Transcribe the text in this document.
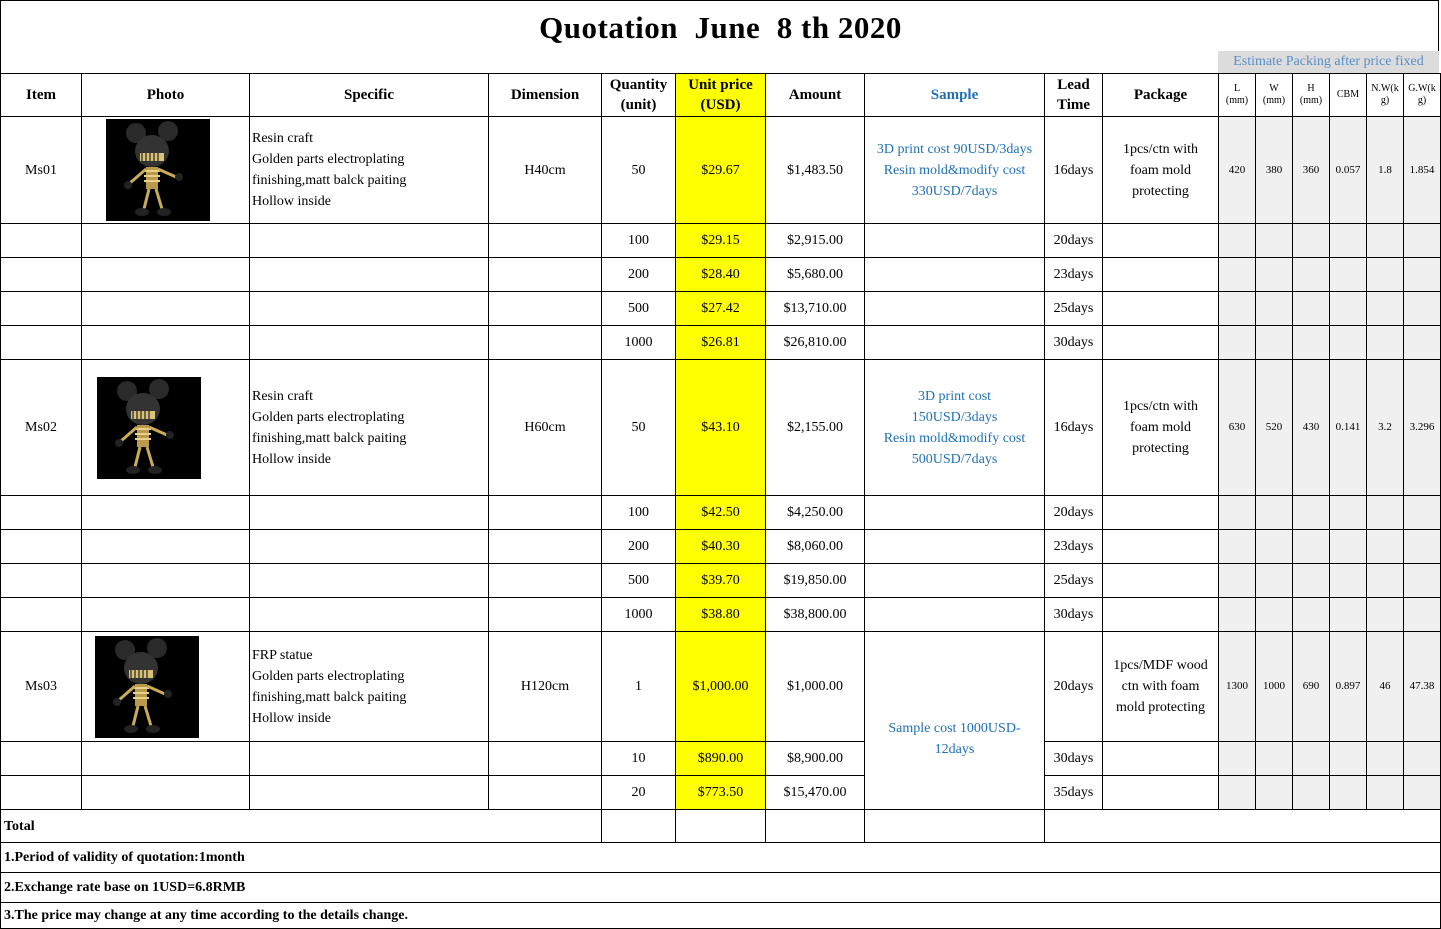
Quotation  June  8 th 2020
Estimate Packing after price fixed
Item	Photo	Specific	Dimension	Quantity
(unit)	Unit price
(USD)	Amount	Sample	Lead
Time	Package	L
(mm)	W
(mm)	H
(mm)	CBM	N.W(k
g)	G.W(k
g)
Ms01		Resin craft
Golden parts electroplating
finishing,matt balck paiting
Hollow inside	H40cm	50	$29.67	$1,483.50	3D print cost 90USD/3days
Resin mold&modify cost
330USD/7days	16days	1pcs/ctn with
foam mold
protecting	420	380	360	0.057	1.8	1.854
				100	$29.15	$2,915.00		20days							
				200	$28.40	$5,680.00		23days							
				500	$27.42	$13,710.00		25days							
				1000	$26.81	$26,810.00		30days							
Ms02		Resin craft
Golden parts electroplating
finishing,matt balck paiting
Hollow inside	H60cm	50	$43.10	$2,155.00	3D print cost
150USD/3days
Resin mold&modify cost
500USD/7days	16days	1pcs/ctn with
foam mold
protecting	630	520	430	0.141	3.2	3.296
				100	$42.50	$4,250.00		20days							
				200	$40.30	$8,060.00		23days							
				500	$39.70	$19,850.00		25days							
				1000	$38.80	$38,800.00		30days							
Ms03		FRP statue
Golden parts electroplating
finishing,matt balck paiting
Hollow inside	H120cm	1	$1,000.00	$1,000.00	Sample cost 1000USD-
12days	20days	1pcs/MDF wood
ctn with foam
mold protecting	1300	1000	690	0.897	46	47.38
				10	$890.00	$8,900.00		30days							
				20	$773.50	$15,470.00		35days							
Total															
1.Period of validity of quotation:1month															
2.Exchange rate base on 1USD=6.8RMB															
3.The price may change at any time according to the details change.															
